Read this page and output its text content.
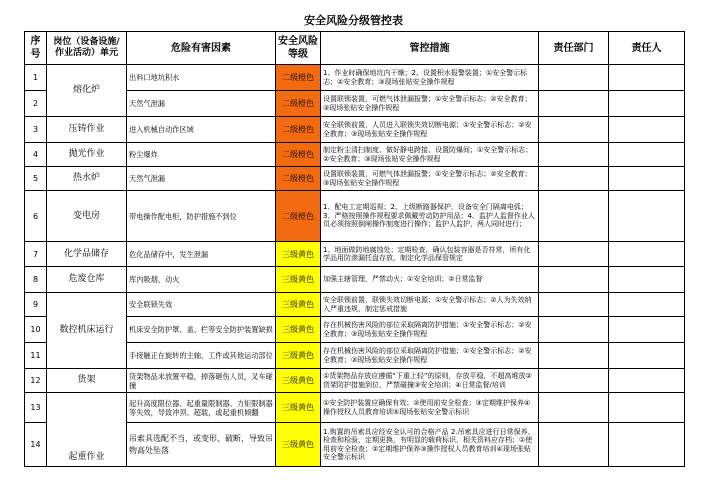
安全风险分级管控表
序号	岗位（设备设施/作业活动）单元	危险有害因素	安全风险等级	管控措施	责任部门	责任人
1	熔化炉	出料口地坑积水	二级橙色	1、作业时确保地坑内干燥；2、设置积水报警装置；①安全警示标志；②安全教育；③现场张贴安全操作规程		

2		天然气泄漏	二级橙色	设置联锁装置，可燃气体泄漏报警；①安全警示标志；②安全教育；③现场张贴安全操作规程		

3	压铸作业	进入机械自动作区域	二级橙色	安全联锁前置，人员进入联锁失效切断电源；①安全警示标志；②安全教育；③现场张贴安全操作规程		

4	抛光作业	粉尘爆炸	二级橙色	制定粉尘清扫制度、做好静电跨接、设置防爆间；①安全警示标志；②安全教育；③现场张贴安全操作规程		

5	热水炉	天然气泄漏	二级橙色	设置联锁装置，可燃气体泄漏报警；①安全警示标志；②安全教育；③现场张贴安全操作规程		

6	变电房	带电操作配电柜，防护措施不到位	二级橙色	1、配电工定期巡视；2、上级断路器保护，设备安全门隔离电弧；3、严格按照操作规程要求佩戴劳动防护用品；4、监护人监督作业人员必须按照倒闸操作制度进行操作；监护人监护，两人同时进行；		

7	化学品储存	危化品储存中，发生泄漏	三级黄色	1、地面做防地腐蚀处；定期检查，确认包装容器是否符常，所有化学品用防渗漏托盘存放，制定化学品保管规定		

8	危废仓库	库内吸烟、动火	三级黄色	加强主辖管理，严禁动火；①安全培训；②日常监督		

9	数控机床运行	安全联锁失效	三级黄色	安全联锁前置，联锁失效切断电源；①安全警示标志；②人为失效纳入严重违规，制定惩戒措施		

10		机床安全防护罩、盖、栏等安全防护装置缺损	三级黄色	存在机械伤害风险的部位采取隔离防护措施；①安全警示标志；②安全教育；③现场张贴安全操作规程		

11		手接触正在旋转的主轴、工件或其他运动部位	三级黄色	存在机械伤害风险的部位采取隔离防护措施；①安全警示标志；②安全教育；③现场张贴安全操作规程		

12	货架	货架物品未放置平稳，掉落砸伤人员，叉车碰撞	三级黄色	①货架物品存放应遵循“下重上轻”的原则，存放平稳，不超高堆放②货架防护措施到位，严禁碰撞③安全培训；④日常监督/培训		

13	起重作业	起升高度限位器、起重量限制器、力矩限制器等失效，导致冲顶、超载，或起重机倾翻	三级黄色	①安全防护装置应确保有效；②使用前安全检查；③定期维护保养④操作授权人员教育培训⑤现场张贴安全警示标识		

14		吊索具选配不当，或变形、破断，导致吊物高处坠落	三级黄色	1.购置的吊索具应经安全认可的合格产品 2.吊索具应进行日常保养、检查和检验，定期更换，有明显的载荷标识，相关资料应存档；①使用前安全检查；②定期维护保养③操作授权人员教育培训④现场张贴安全警示标识		
